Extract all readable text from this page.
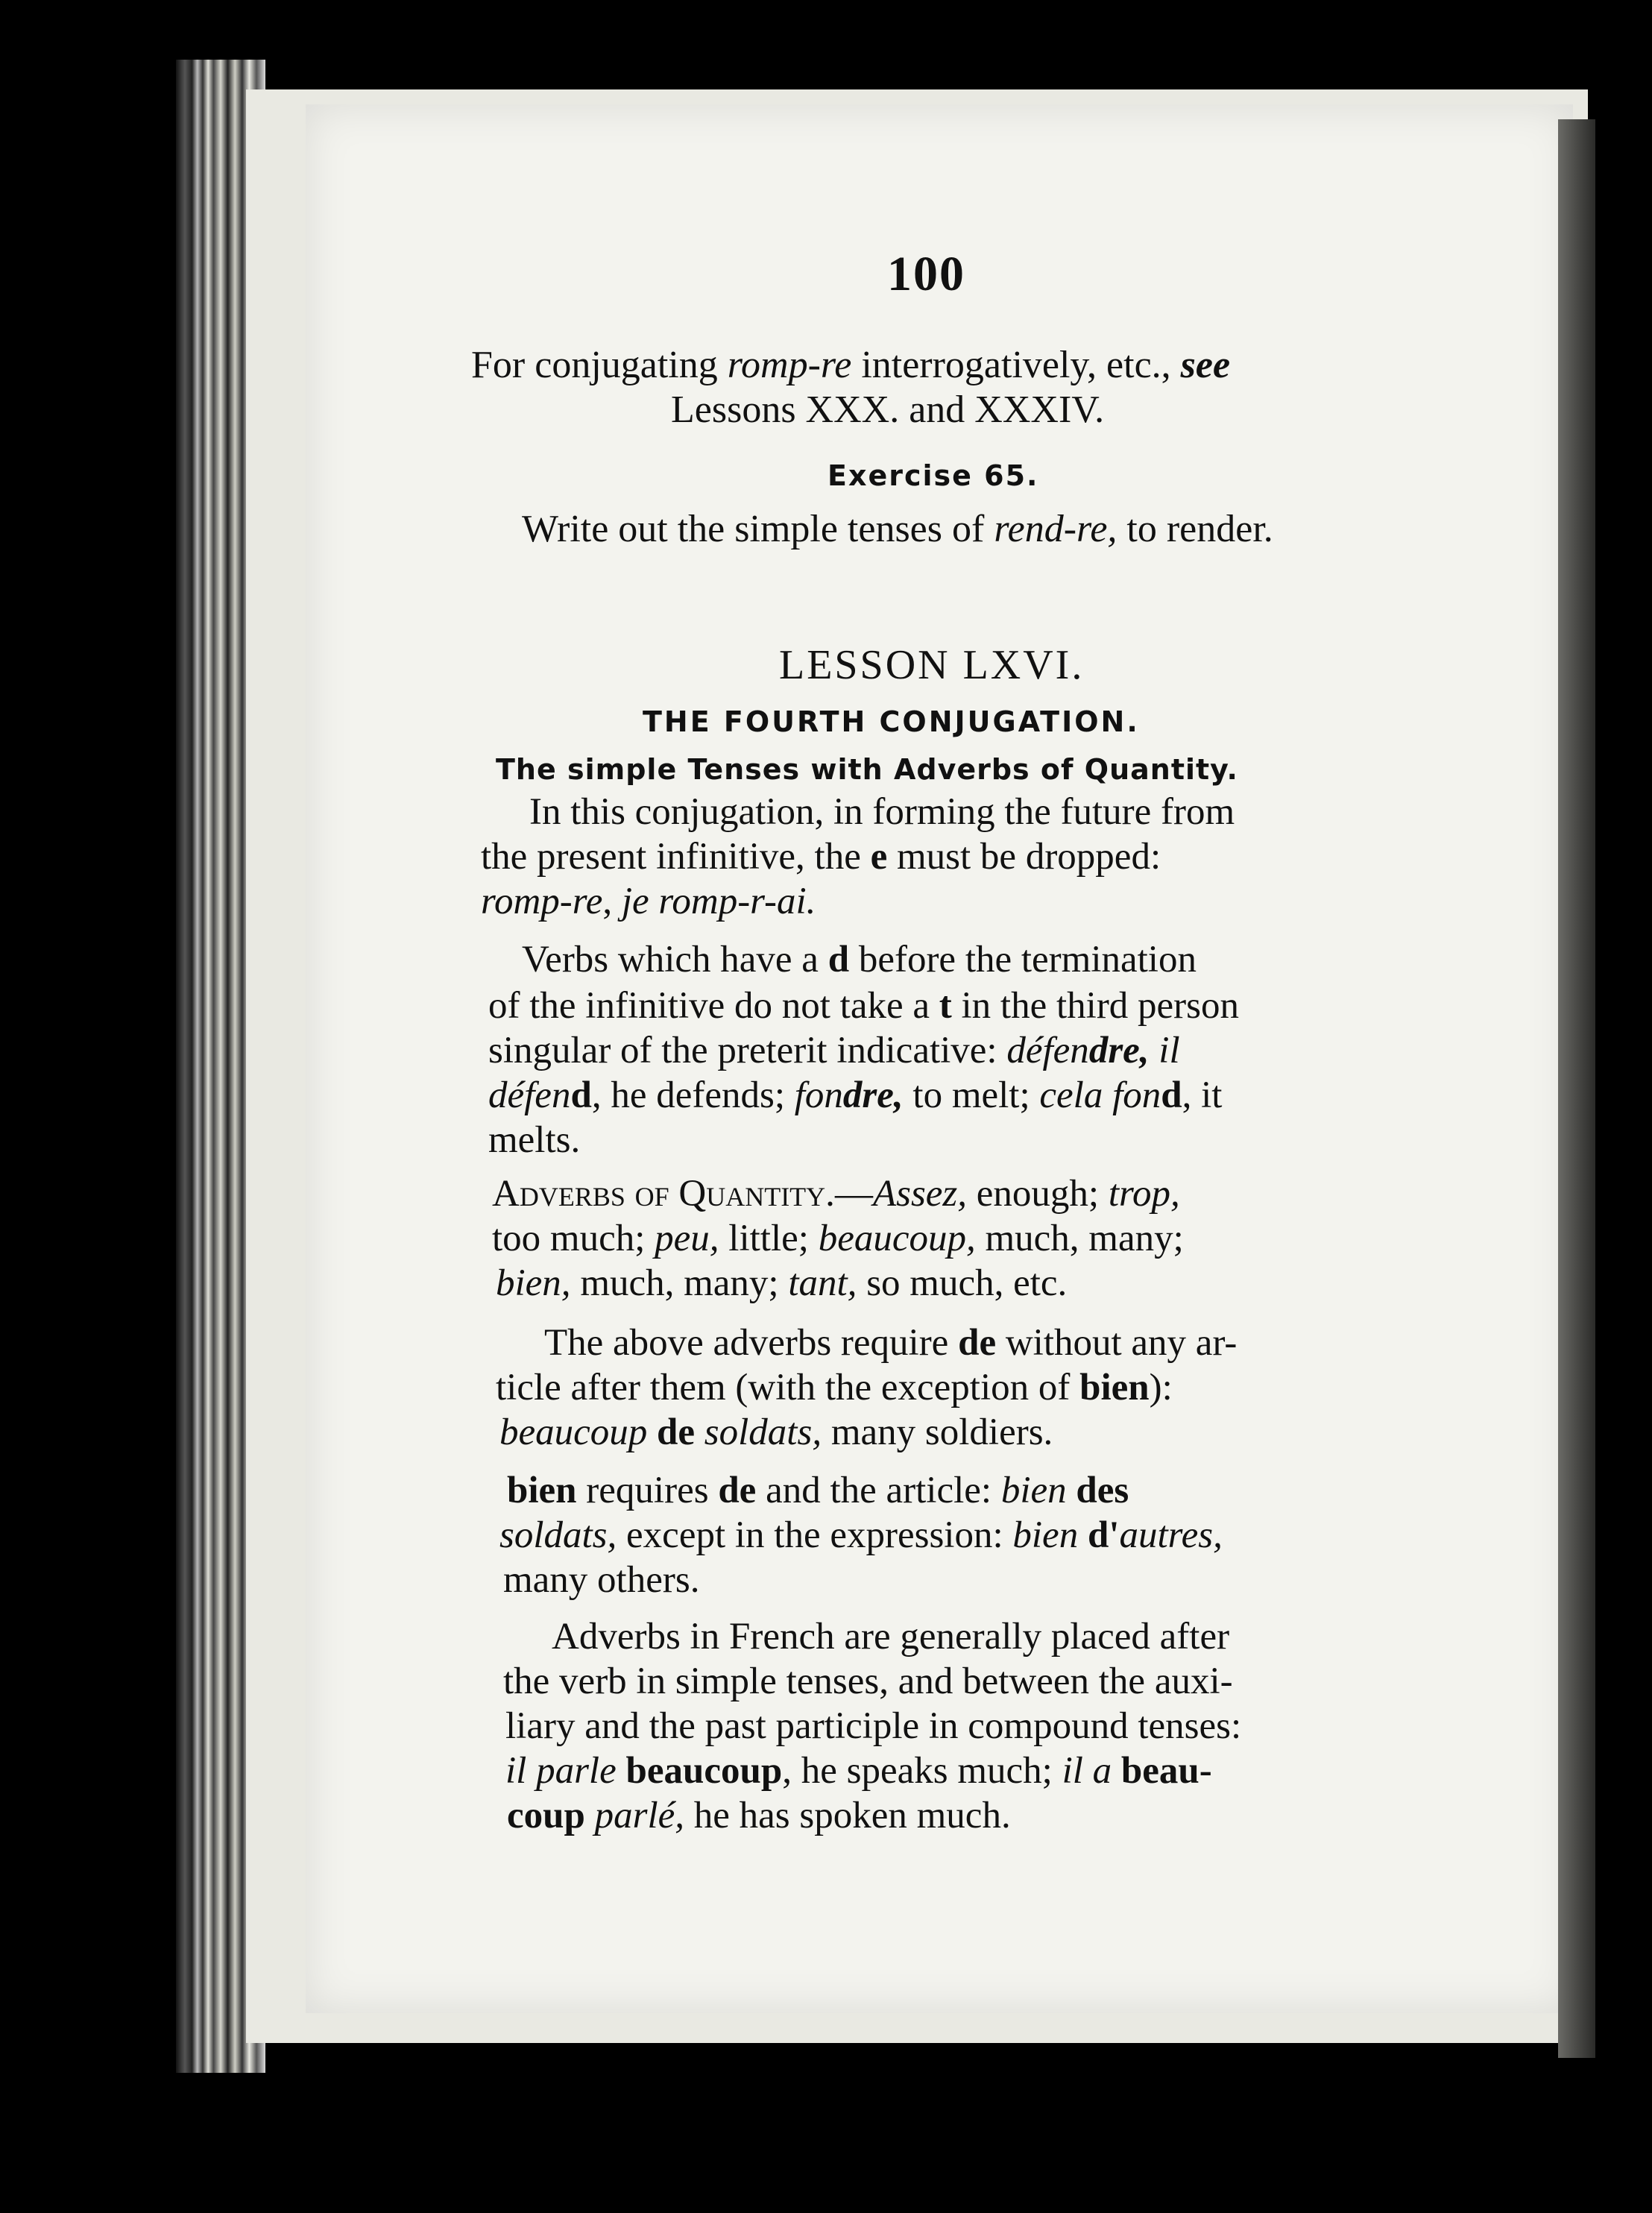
100

For conjugating romp-re interrogatively, etc., see

Lessons XXX. and XXXIV.

Exercise 65.

Write out the simple tenses of rend-re, to render.

LESSON LXVI.

THE FOURTH CONJUGATION.

The simple Tenses with Adverbs of Quantity.

In this conjugation, in forming the future from

the present infinitive, the e must be dropped:

romp-re, je romp-r-ai.

Verbs which have a d before the termination

of the infinitive do not take a t in the third person

singular of the preterit indicative: défendre, il

défend, he defends; fondre, to melt; cela fond, it

melts.

Adverbs of Quantity.—Assez, enough; trop,

too much; peu, little; beaucoup, much, many;

bien, much, many; tant, so much, etc.

The above adverbs require de without any ar-

ticle after them (with the exception of bien):

beaucoup de soldats, many soldiers.

bien requires de and the article: bien des

soldats, except in the expression: bien d'autres,

many others.

Adverbs in French are generally placed after

the verb in simple tenses, and between the auxi-

liary and the past participle in compound tenses:

il parle beaucoup, he speaks much; il a beau-

coup parlé, he has spoken much.
